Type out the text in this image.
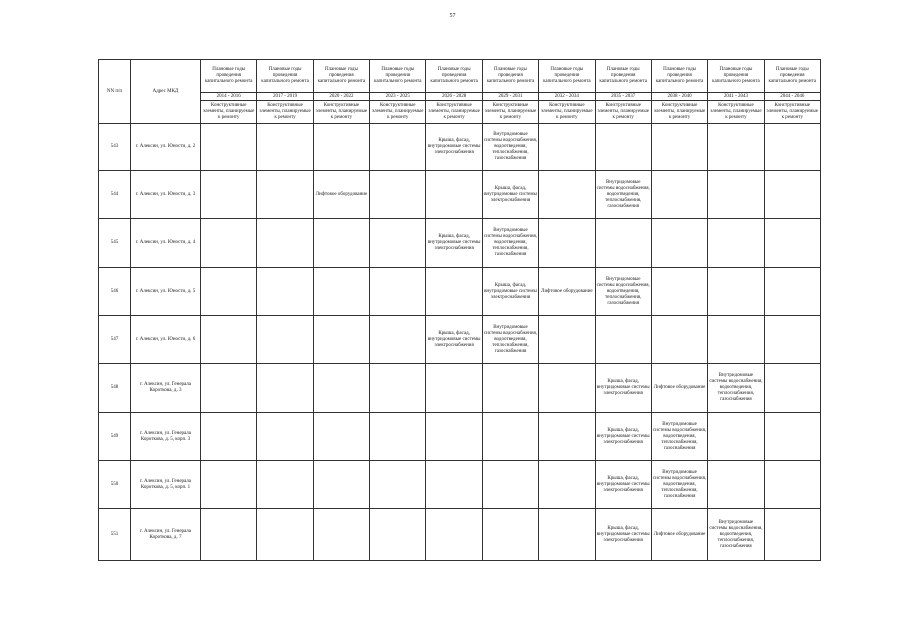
57
NN п/п	Адрес МКД	Плановые годы проведения капитального ремонта	Плановые годы проведения капитального ремонта	Плановые годы проведения капитального ремонта	Плановые годы проведения капитального ремонта	Плановые годы проведения капитального ремонта	Плановые годы проведения капитального ремонта	Плановые годы проведения капитального ремонта	Плановые годы проведения капитального ремонта	Плановые годы проведения капитального ремонта	Плановые годы проведения капитального ремонта	Плановые годы проведения капитального ремонта
		2014 - 2016	2017 - 2019	2020 - 2022	2023 - 2025	2026 - 2028	2029 - 2031	2032 - 2034	2035 - 2037	2038 - 2040	2041 - 2043	2044 - 2046
		Конструктивные элементы, планируемые к ремонту	Конструктивные элементы, планируемые к ремонту	Конструктивные элементы, планируемые к ремонту	Конструктивные элементы, планируемые к ремонту	Конструктивные элементы, планируемые к ремонту	Конструктивные элементы, планируемые к ремонту	Конструктивные элементы, планируемые к ремонту	Конструктивные элементы, планируемые к ремонту	Конструктивные элементы, планируемые к ремонту	Конструктивные элементы, планируемые к ремонту	Конструктивные элементы, планируемые к ремонту
543	г. Алексин, ул. Юности, д. 2					Крыша, фасад, внутридомовые системы электроснабжения	Внутридомовые системы водоснабжения, водоотведения, теплоснабжения, газоснабжения					
544	г. Алексин, ул. Юности, д. 3			Лифтовое оборудование			Крыша, фасад, внутридомовые системы электроснабжения		Внутридомовые системы водоснабжения, водоотведения, теплоснабжения, газоснабжения			
545	г. Алексин, ул. Юности, д. 4					Крыша, фасад, внутридомовые системы электроснабжения	Внутридомовые системы водоснабжения, водоотведения, теплоснабжения, газоснабжения					
546	г. Алексин, ул. Юности, д. 5						Крыша, фасад, внутридомовые системы электроснабжения	Лифтовое оборудование	Внутридомовые системы водоснабжения, водоотведения, теплоснабжения, газоснабжения			
547	г. Алексин, ул. Юности, д. 6					Крыша, фасад, внутридомовые системы электроснабжения	Внутридомовые системы водоснабжения, водоотведения, теплоснабжения, газоснабжения					
548	г. Алексин, ул. Генерала Короткова, д. 3								Крыша, фасад, внутридомовые системы электроснабжения	Лифтовое оборудование	Внутридомовые системы водоснабжения, водоотведения, теплоснабжения, газоснабжения	
549	г. Алексин, ул. Генерала Короткова, д. 5, корп. 3								Крыша, фасад, внутридомовые системы электроснабжения	Внутридомовые системы водоснабжения, водоотведения, теплоснабжения, газоснабжения		
550	г. Алексин, ул. Генерала Короткова, д. 5, корп. 1								Крыша, фасад, внутридомовые системы электроснабжения	Внутридомовые системы водоснабжения, водоотведения, теплоснабжения, газоснабжения		
551	г. Алексин, ул. Генерала Короткова, д. 7								Крыша, фасад, внутридомовые системы электроснабжения	Лифтовое оборудование	Внутридомовые системы водоснабжения, водоотведения, теплоснабжения, газоснабжения	
